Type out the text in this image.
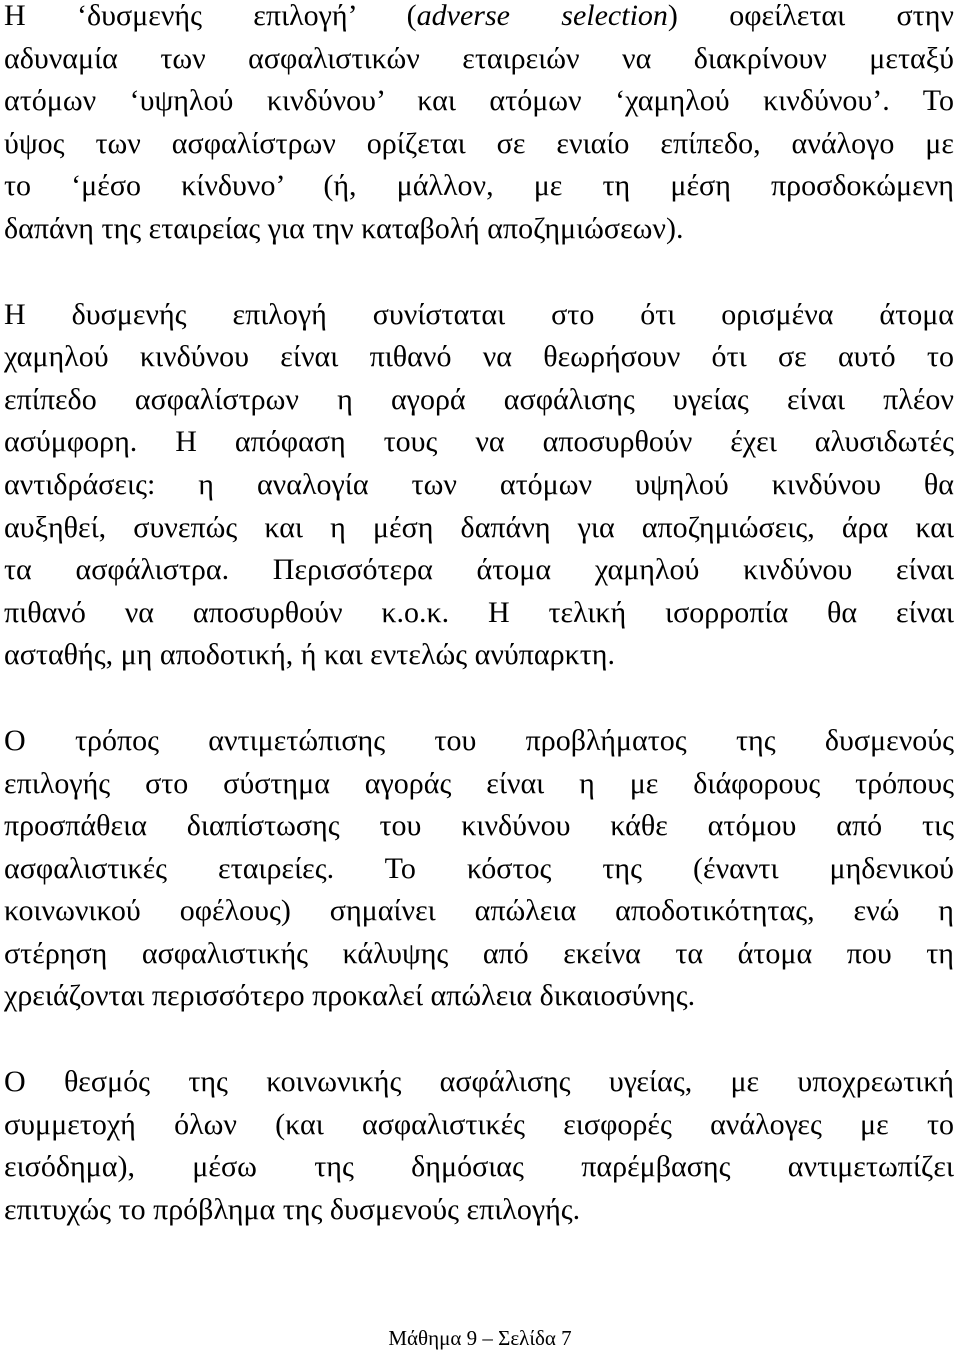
Η ‘δυσμενής επιλογή’ (adverse selection) οφείλεται στην
αδυναμία των ασφαλιστικών εταιρειών να διακρίνουν μεταξύ
ατόμων ‘υψηλού κινδύνου’ και ατόμων ‘χαμηλού κινδύνου’. Το
ύψος των ασφαλίστρων ορίζεται σε ενιαίο επίπεδο, ανάλογο με
το ‘μέσο κίνδυνο’ (ή, μάλλον, με τη μέση προσδοκώμενη
δαπάνη της εταιρείας για την καταβολή αποζημιώσεων).

Η δυσμενής επιλογή συνίσταται στο ότι ορισμένα άτομα
χαμηλού κινδύνου είναι πιθανό να θεωρήσουν ότι σε αυτό το
επίπεδο ασφαλίστρων η αγορά ασφάλισης υγείας είναι πλέον
ασύμφορη. Η απόφαση τους να αποσυρθούν έχει αλυσιδωτές
αντιδράσεις: η αναλογία των ατόμων υψηλού κινδύνου θα
αυξηθεί, συνεπώς και η μέση δαπάνη για αποζημιώσεις, άρα και
τα ασφάλιστρα. Περισσότερα άτομα χαμηλού κινδύνου είναι
πιθανό να αποσυρθούν κ.ο.κ. Η τελική ισορροπία θα είναι
ασταθής, μη αποδοτική, ή και εντελώς ανύπαρκτη.

Ο τρόπος αντιμετώπισης του προβλήματος της δυσμενούς
επιλογής στο σύστημα αγοράς είναι η με διάφορους τρόπους
προσπάθεια διαπίστωσης του κινδύνου κάθε ατόμου από τις
ασφαλιστικές εταιρείες. Το κόστος της (έναντι μηδενικού
κοινωνικού οφέλους) σημαίνει απώλεια αποδοτικότητας, ενώ η
στέρηση ασφαλιστικής κάλυψης από εκείνα τα άτομα που τη
χρειάζονται περισσότερο προκαλεί απώλεια δικαιοσύνης.

Ο θεσμός της κοινωνικής ασφάλισης υγείας, με υποχρεωτική
συμμετοχή όλων (και ασφαλιστικές εισφορές ανάλογες με το
εισόδημα), μέσω της δημόσιας παρέμβασης αντιμετωπίζει
επιτυχώς το πρόβλημα της δυσμενούς επιλογής.

Μάθημα 9 – Σελίδα 7
